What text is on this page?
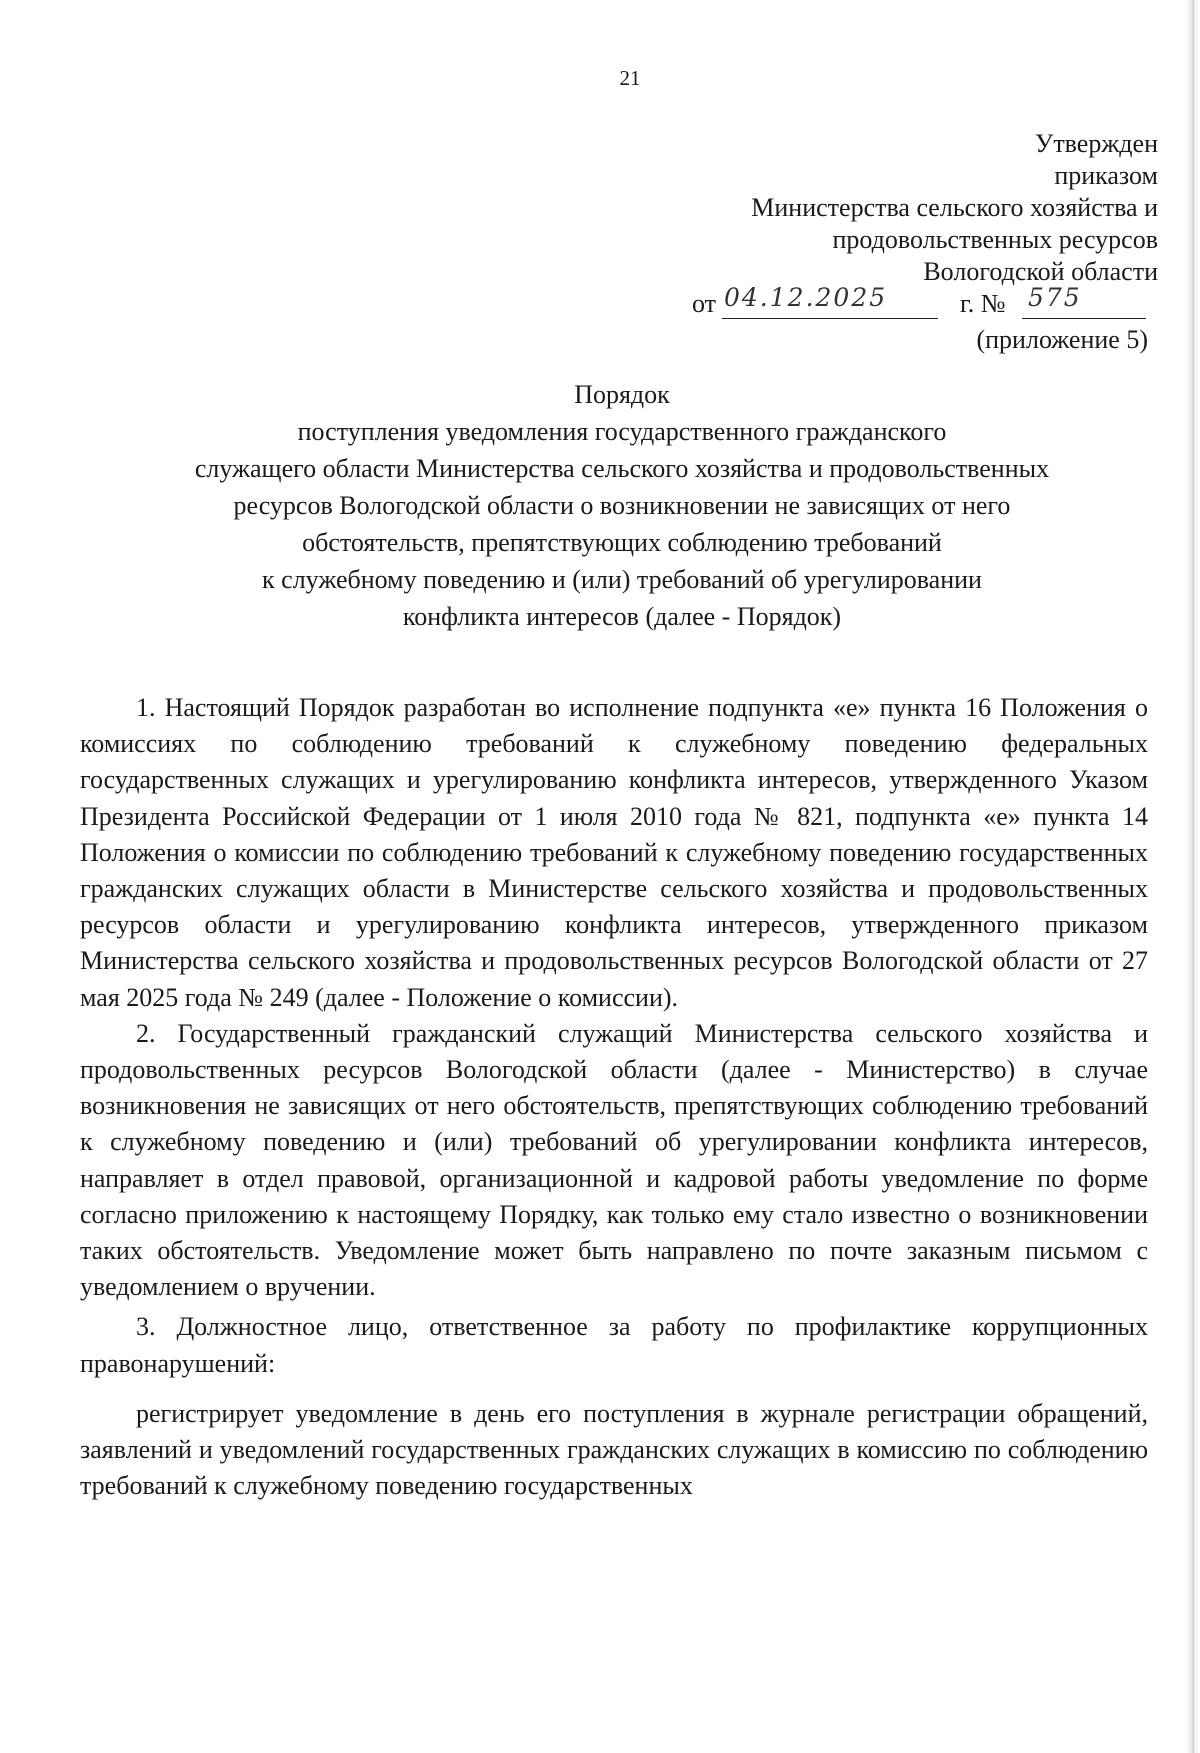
21
Утвержден
приказом
Министерства сельского хозяйства и
продовольственных ресурсов
Вологодской области
от 04.12.2025	г. № 575
(приложение 5)
Порядок
поступления уведомления государственного гражданского
служащего области Министерства сельского хозяйства и продовольственных
ресурсов Вологодской области о возникновении не зависящих от него
обстоятельств, препятствующих соблюдению требований
к служебному поведению и (или) требований об урегулировании
конфликта интересов (далее - Порядок)

1. Настоящий Порядок разработан во исполнение подпункта «е» пункта 16 Положения о комиссиях по соблюдению требований к служебному поведению федеральных государственных служащих и урегулированию конфликта интересов, утвержденного Указом Президента Российской Федерации от 1 июля 2010 года № 821, подпункта «е» пункта 14 Положения о комиссии по соблюдению требований к служебному поведению государственных гражданских служащих области в Министерстве сельского хозяйства и продовольственных ресурсов области и урегулированию конфликта интересов, утвержденного приказом Министерства сельского хозяйства и продовольственных ресурсов Вологодской области от 27 мая 2025 года № 249 (далее - Положение о комиссии).

2. Государственный гражданский служащий Министерства сельского хозяйства и продовольственных ресурсов Вологодской области (далее - Министерство) в случае возникновения не зависящих от него обстоятельств, препятствующих соблюдению требований к служебному поведению и (или) требований об урегулировании конфликта интересов, направляет в отдел правовой, организационной и кадровой работы уведомление по форме согласно приложению к настоящему Порядку, как только ему стало известно о возникновении таких обстоятельств. Уведомление может быть направлено по почте заказным письмом с уведомлением о вручении.

3. Должностное лицо, ответственное за работу по профилактике коррупционных правонарушений:

регистрирует уведомление в день его поступления в журнале регистрации обращений, заявлений и уведомлений государственных гражданских служащих в комиссию по соблюдению требований к служебному поведению государственных
